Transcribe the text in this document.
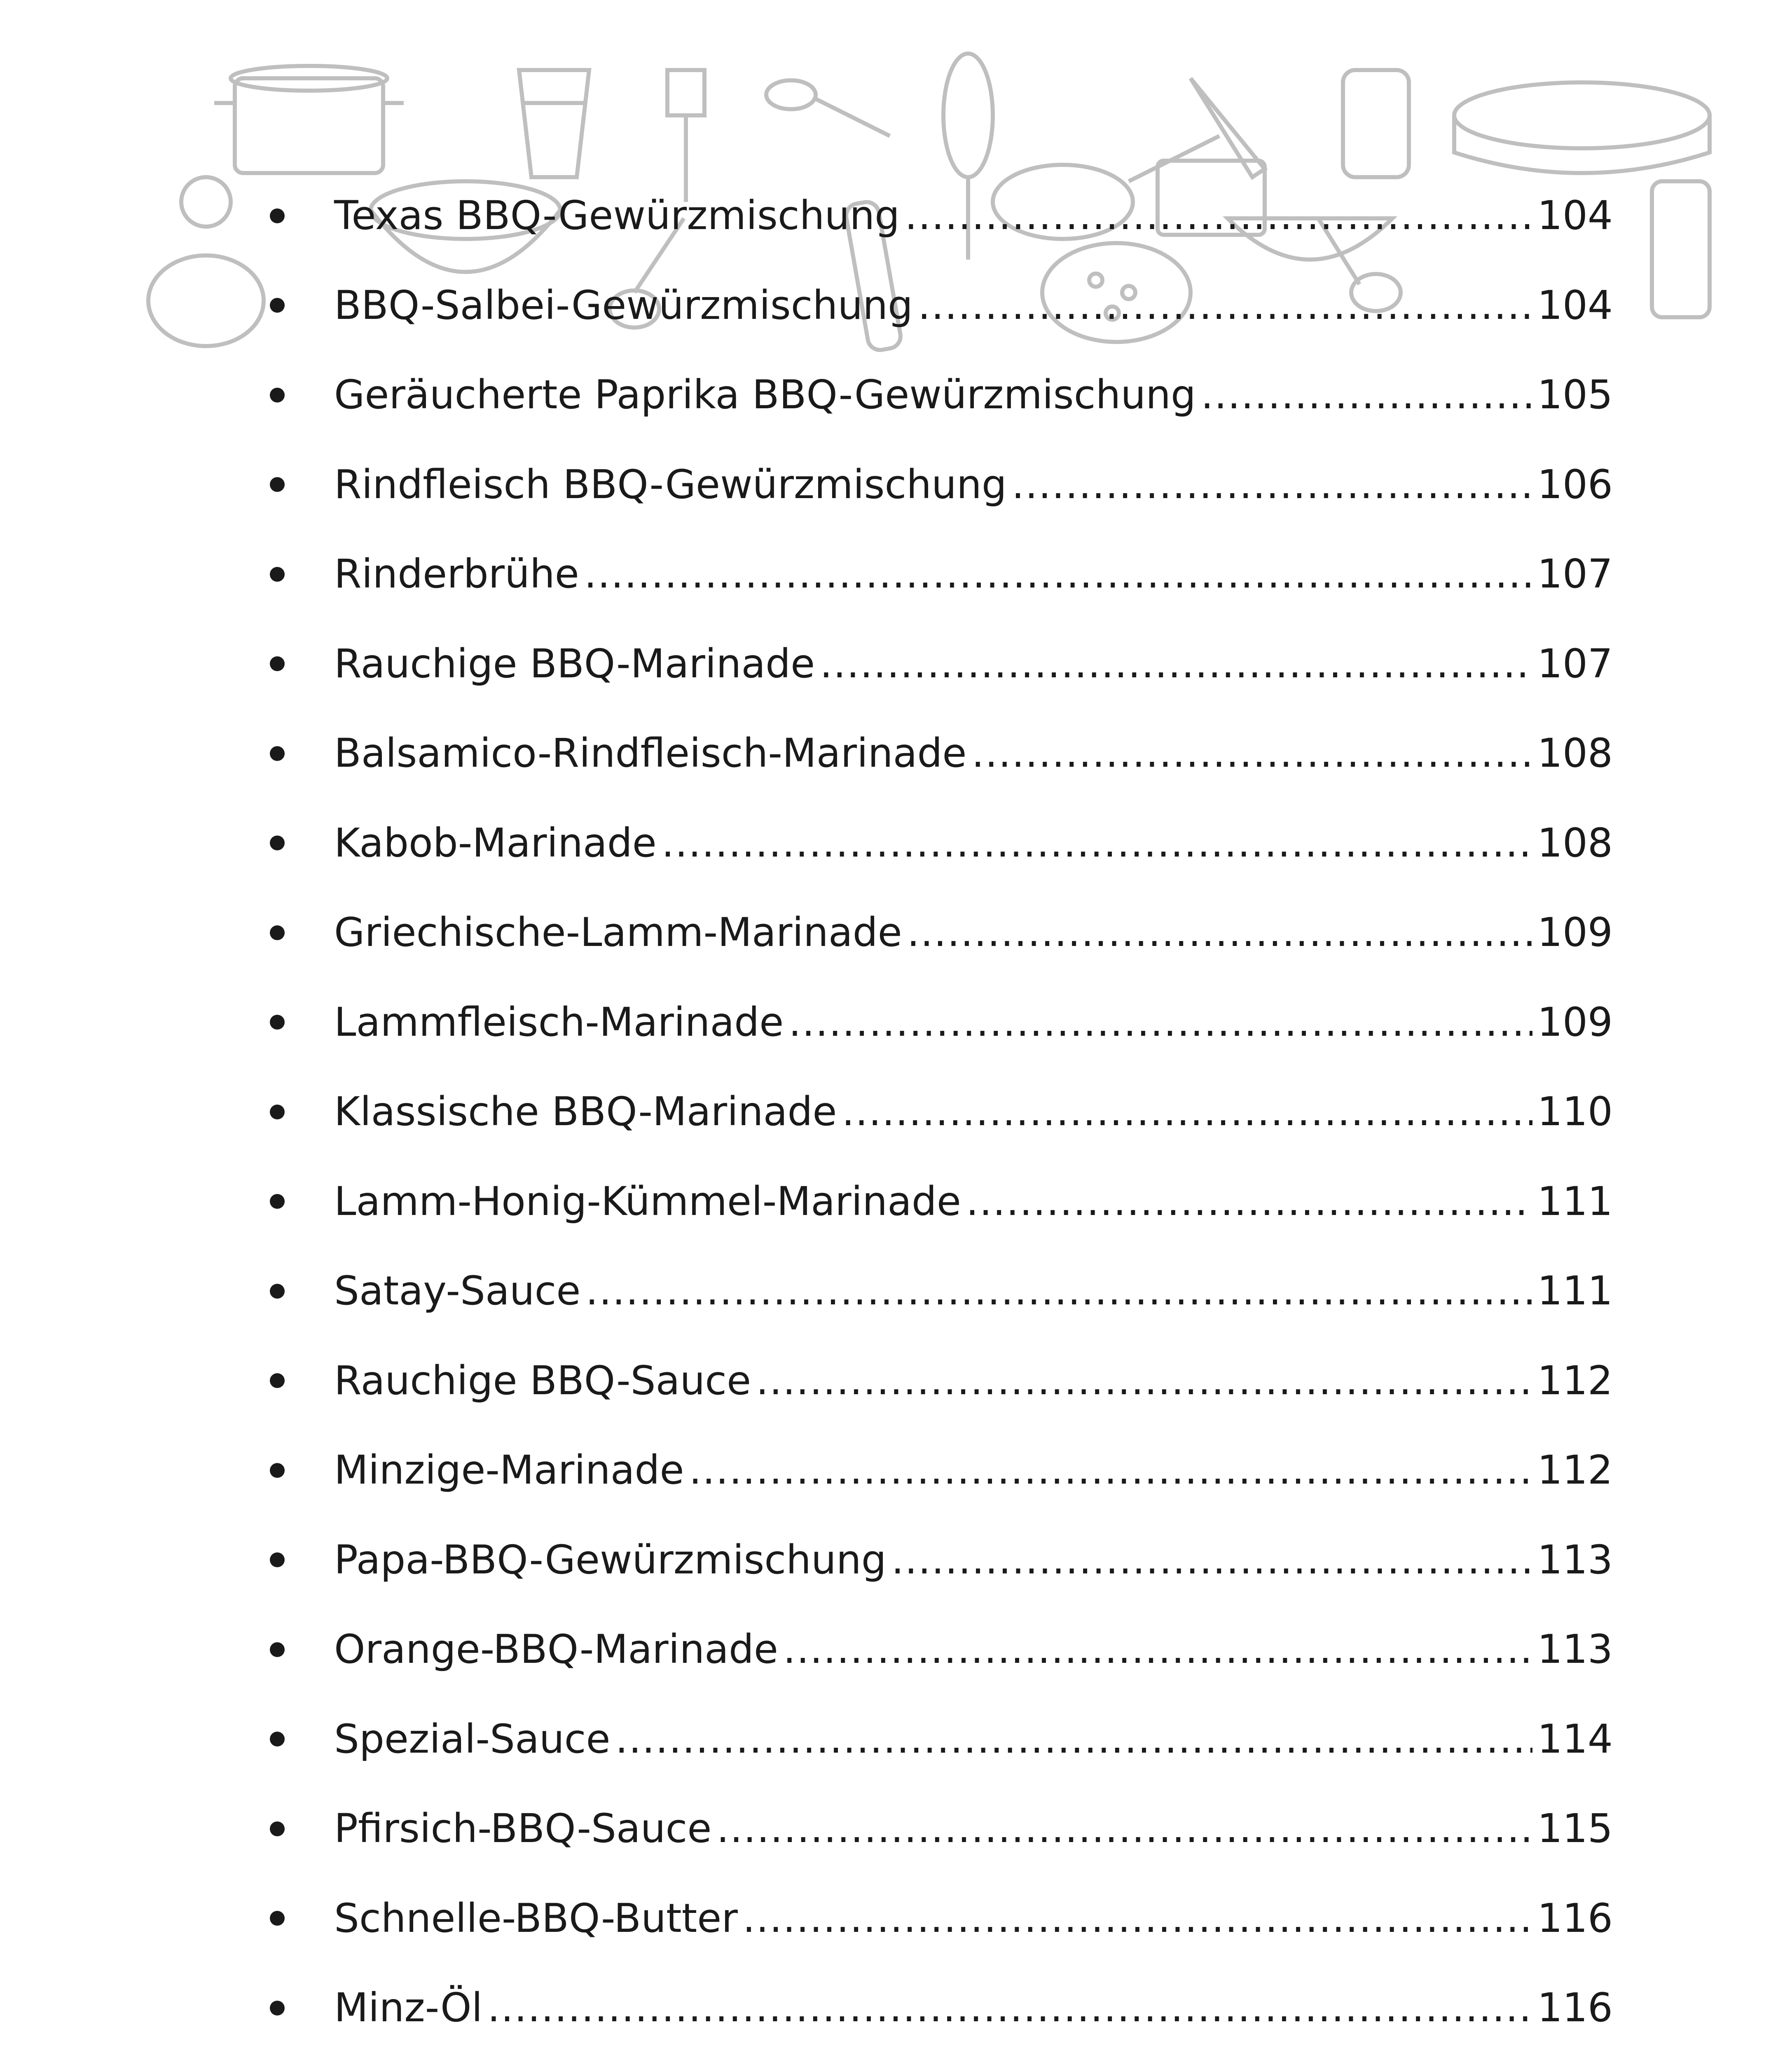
Texas BBQ-Gewürzmischung .....	104
BBQ-Salbei-Gewürzmischung .....	104
Geräucherte Paprika BBQ-Gewürzmischung .....	105
Rindfleisch BBQ-Gewürzmischung .....	106
Rinderbrühe .....	107
Rauchige BBQ-Marinade .....	107
Balsamico-Rindfleisch-Marinade .....	108
Kabob-Marinade .....	108
Griechische-Lamm-Marinade .....	109
Lammfleisch-Marinade .....	109
Klassische BBQ-Marinade .....	110
Lamm-Honig-Kümmel-Marinade .....	111
Satay-Sauce .....	111
Rauchige BBQ-Sauce .....	112
Minzige-Marinade .....	112
Papa-BBQ-Gewürzmischung .....	113
Orange-BBQ-Marinade .....	113
Spezial-Sauce .....	114
Pfirsich-BBQ-Sauce .....	115
Schnelle-BBQ-Butter .....	116
Minz-Öl .....	116
.....
